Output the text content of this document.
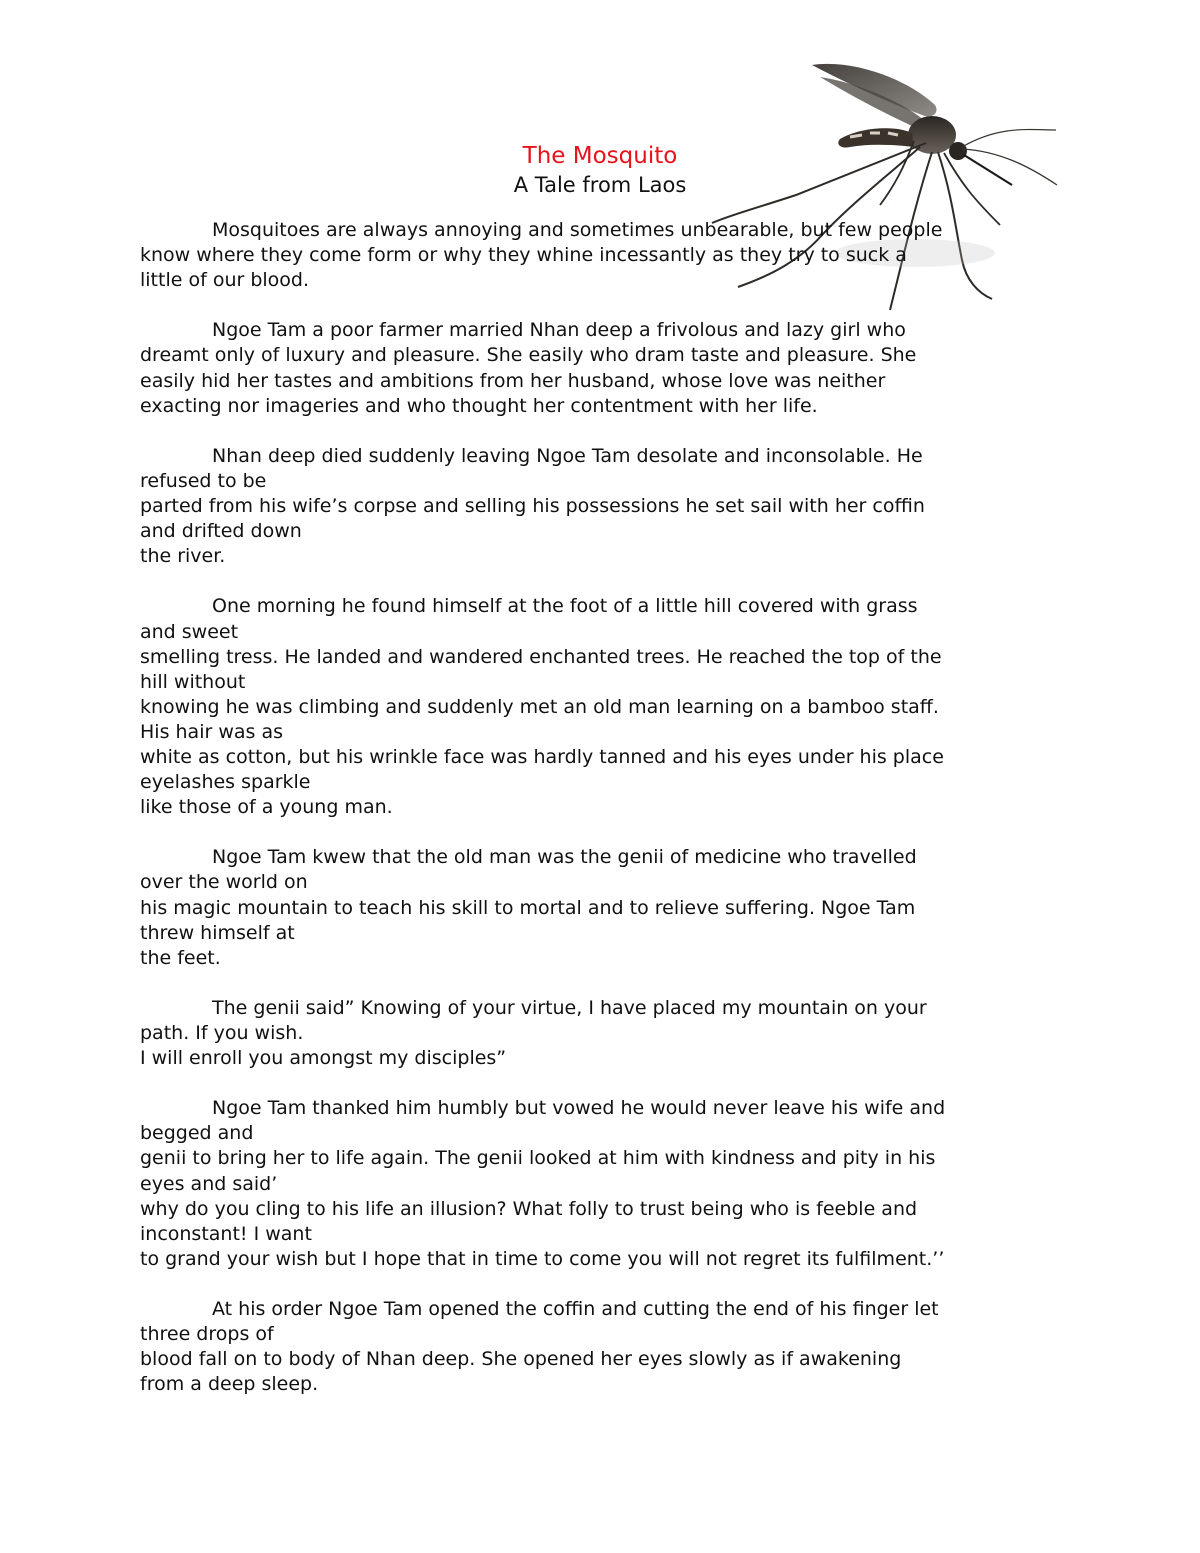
The Mosquito
A Tale from Laos
Mosquitoes are always annoying and sometimes unbearable, but few people
know where they come form or why they whine incessantly as they try to suck a
little of our blood.
Ngoe Tam a poor farmer married Nhan deep a frivolous and lazy girl who
dreamt only of luxury and pleasure. She easily who dram taste and pleasure. She
easily hid her tastes and ambitions from her husband, whose love was neither
exacting nor imageries and who thought her contentment with her life.
Nhan deep died suddenly leaving Ngoe Tam desolate and inconsolable. He
refused to be
parted from his wife’s corpse and selling his possessions he set sail with her coffin
and drifted down
the river.
One morning he found himself at the foot of a little hill covered with grass
and sweet
smelling tress. He landed and wandered enchanted trees. He reached the top of the
hill without
knowing he was climbing and suddenly met an old man learning on a bamboo staff.
His hair was as
white as cotton, but his wrinkle face was hardly tanned and his eyes under his place
eyelashes sparkle
like those of a young man.
Ngoe Tam kwew that the old man was the genii of medicine who travelled
over the world on
his magic mountain to teach his skill to mortal and to relieve suffering. Ngoe Tam
threw himself at
the feet.
The genii said” Knowing of your virtue, I have placed my mountain on your
path. If you wish.
I will enroll you amongst my disciples”
Ngoe Tam thanked him humbly but vowed he would never leave his wife and
begged and
genii to bring her to life again. The genii looked at him with kindness and pity in his
eyes and said’
why do you cling to his life an illusion? What folly to trust being who is feeble and
inconstant! I want
to grand your wish but I hope that in time to come you will not regret its fulfilment.’’
At his order Ngoe Tam opened the coffin and cutting the end of his finger let
three drops of
blood fall on to body of Nhan deep. She opened her eyes slowly as if awakening
from a deep sleep.
